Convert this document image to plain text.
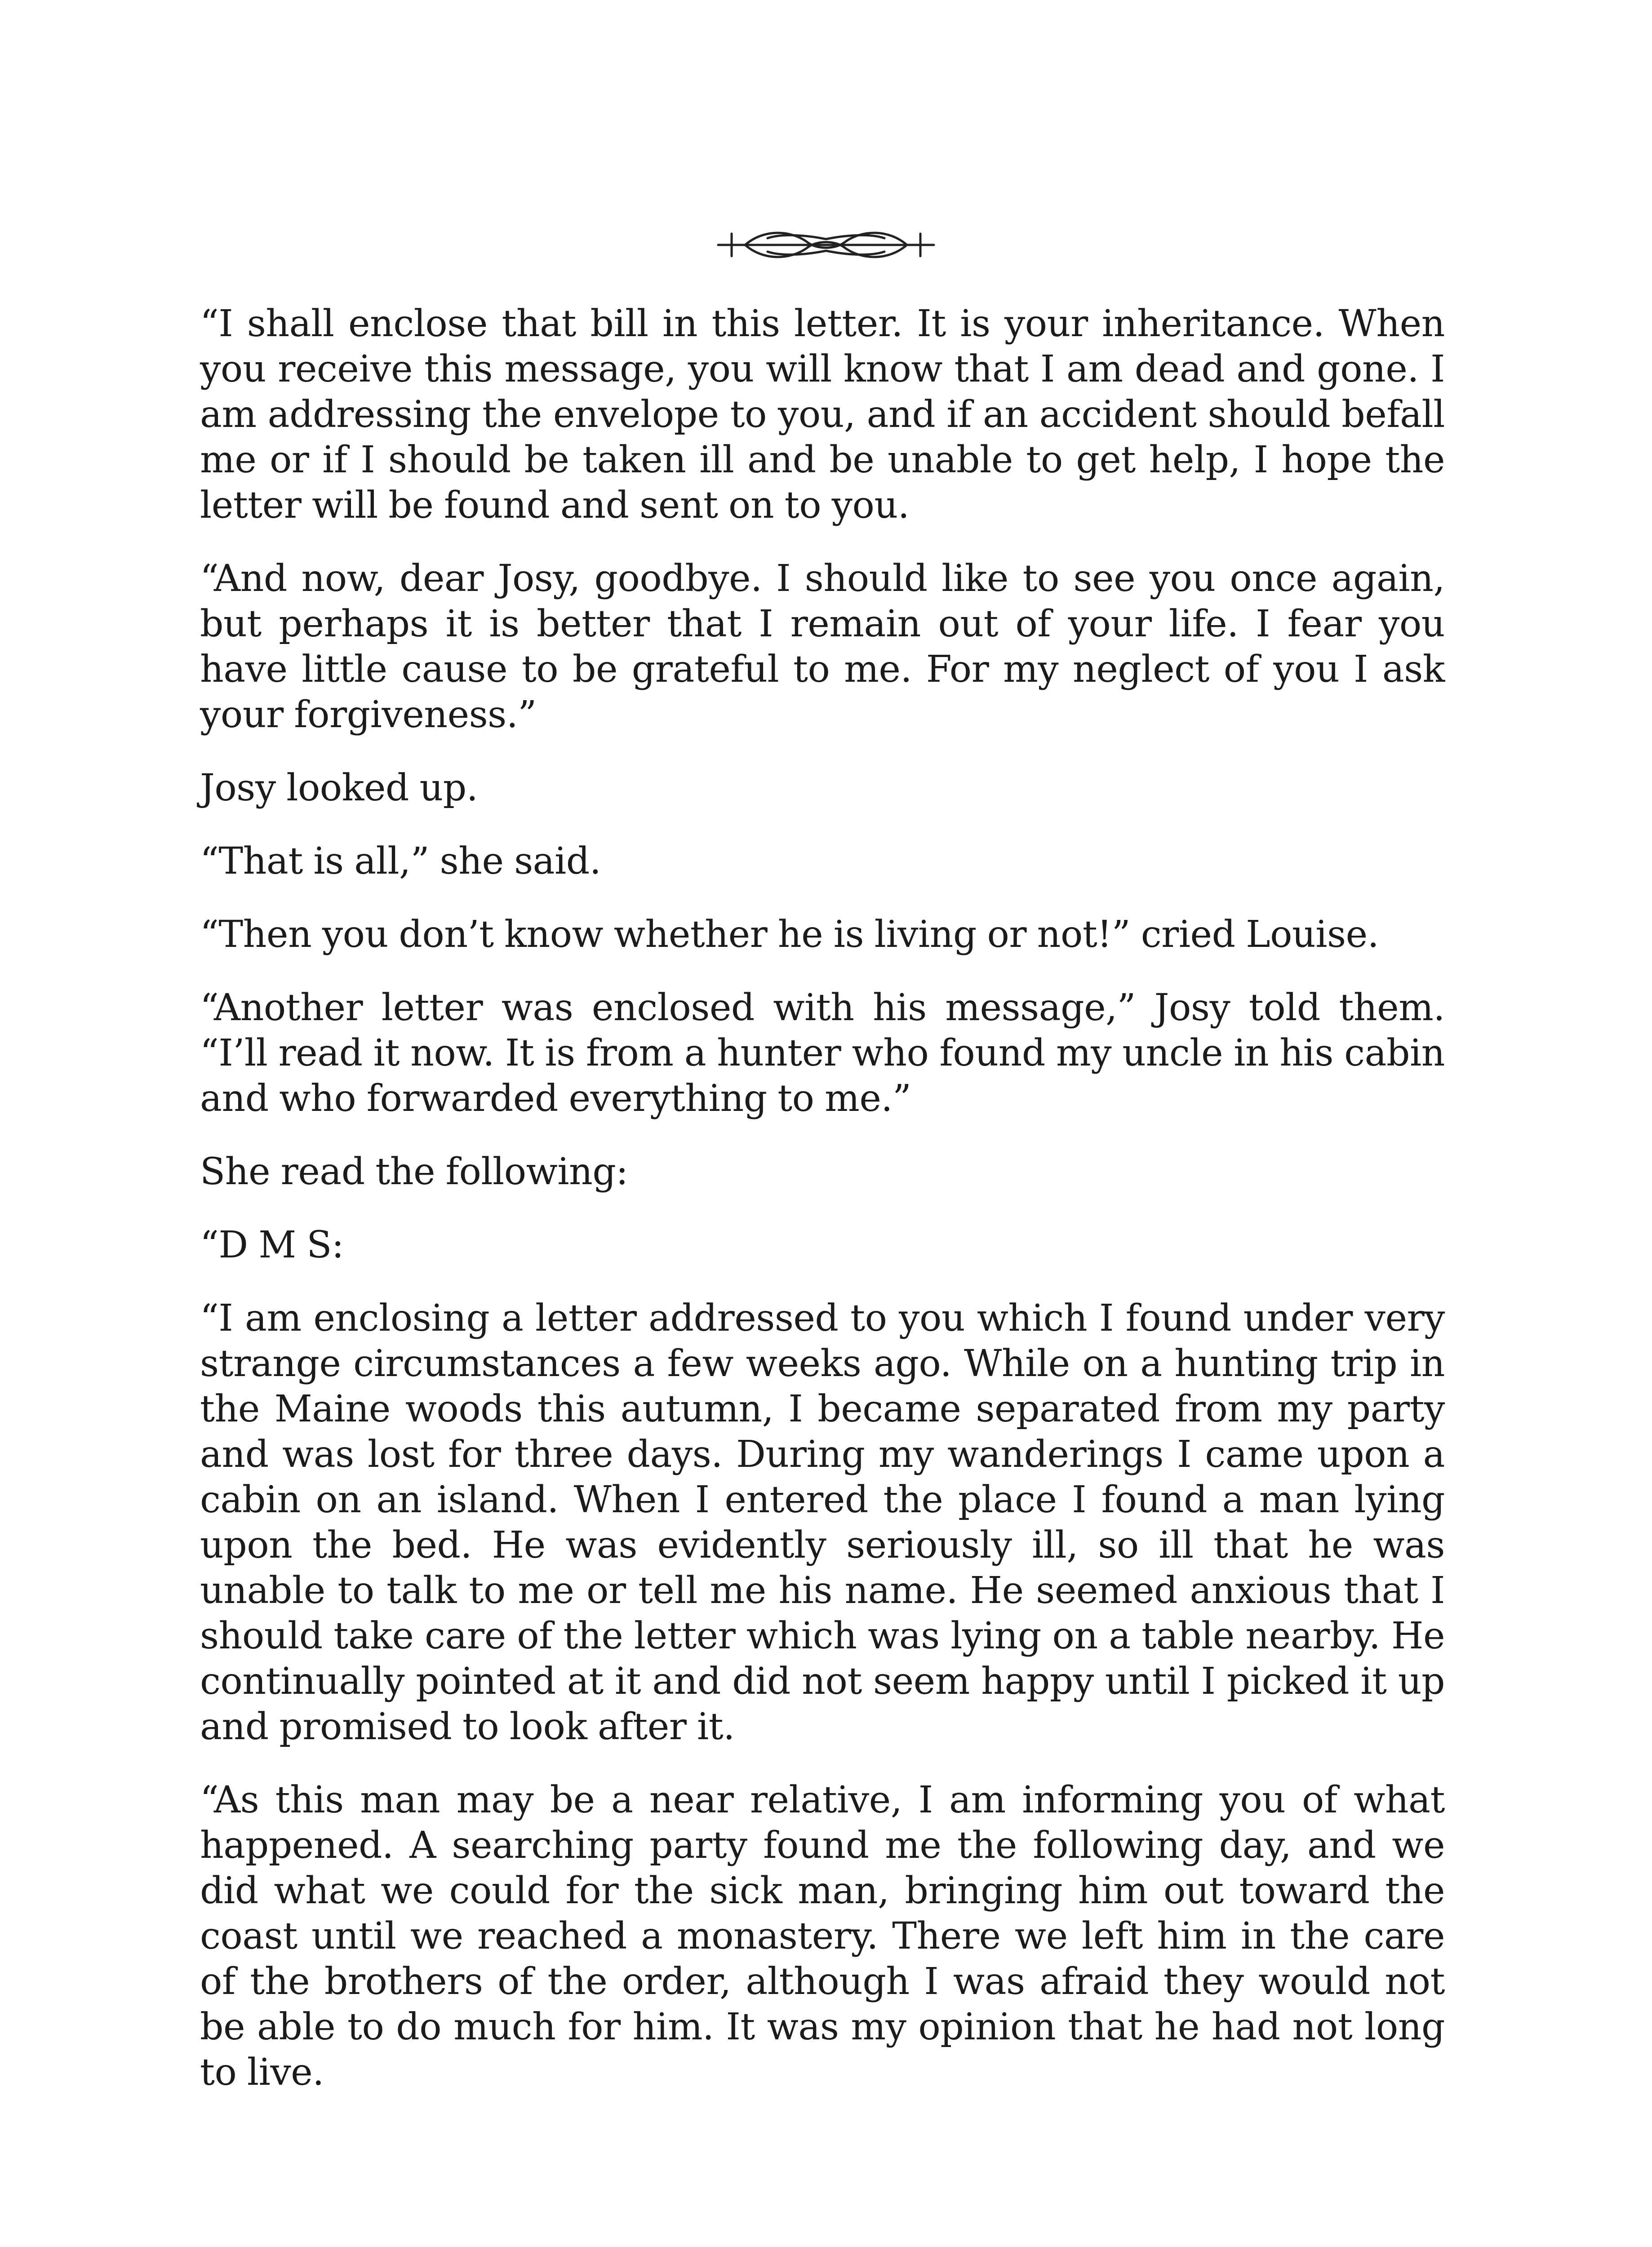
“I shall enclose that bill in this letter. It is your inheritance. When you receive this message, you will know that I am dead and gone. I am addressing the envelope to you, and if an accident should befall me or if I should be taken ill and be unable to get help, I hope the letter will be found and sent on to you.

“And now, dear Josy, goodbye. I should like to see you once again, but perhaps it is better that I remain out of your life. I fear you have little cause to be grateful to me. For my neglect of you I ask your forgiveness.”

Josy looked up.

“That is all,” she said.

“Then you don’t know whether he is living or not!” cried Louise.

“Another letter was enclosed with his message,” Josy told them. “I’ll read it now. It is from a hunter who found my uncle in his cabin and who forwarded everything to me.”

She read the following:

“D M S:

“I am enclosing a letter addressed to you which I found under very strange circumstances a few weeks ago. While on a hunting trip in the Maine woods this autumn, I became separated from my party and was lost for three days. During my wanderings I came upon a cabin on an island. When I entered the place I found a man lying upon the bed. He was evidently seriously ill, so ill that he was unable to talk to me or tell me his name. He seemed anxious that I should take care of the letter which was lying on a table nearby. He continually pointed at it and did not seem happy until I picked it up and promised to look after it.

“As this man may be a near relative, I am informing you of what happened. A searching party found me the following day, and we did what we could for the sick man, bringing him out toward the coast until we reached a monastery. There we left him in the care of the brothers of the order, although I was afraid they would not be able to do much for him. It was my opinion that he had not long to live.
